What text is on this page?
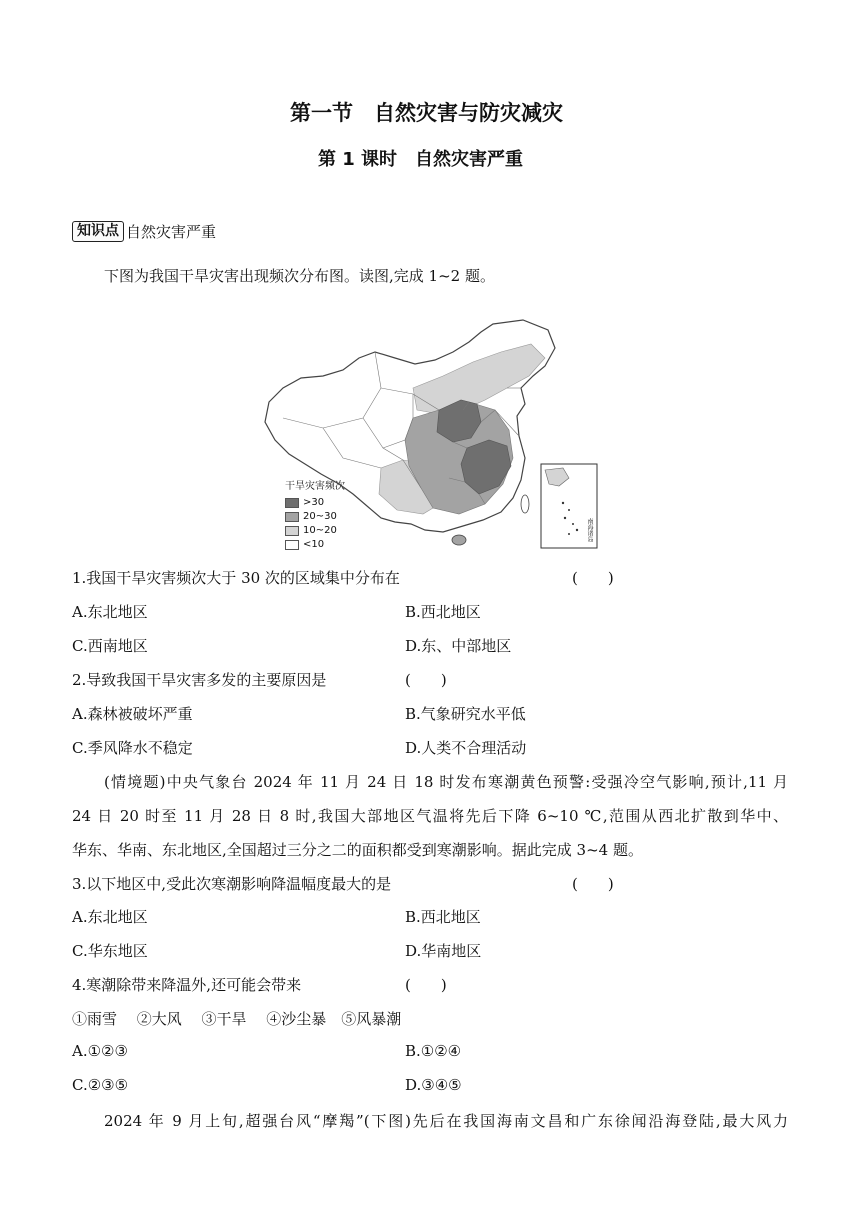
第一节　自然灾害与防灾减灾
第 1 课时　自然灾害严重
知识点 自然灾害严重
下图为我国干旱灾害出现频次分布图。读图,完成 1~2 题。
南海诸岛
干旱灾害频次
>30
20~30
10~20
<10
1.我国干旱灾害频次大于 30 次的区域集中分布在	(　　)
A.东北地区	B.西北地区
C.西南地区	D.东、中部地区
2.导致我国干旱灾害多发的主要原因是	(　　)
A.森林被破坏严重	B.气象研究水平低
C.季风降水不稳定	D.人类不合理活动
(情境题)中央气象台 2024 年 11 月 24 日 18 时发布寒潮黄色预警:受强冷空气影响,预计,11 月
24 日 20 时至 11 月 28 日 8 时,我国大部地区气温将先后下降 6~10 ℃,范围从西北扩散到华中、
华东、华南、东北地区,全国超过三分之二的面积都受到寒潮影响。据此完成 3~4 题。
3.以下地区中,受此次寒潮影响降温幅度最大的是	(　　)
A.东北地区	B.西北地区
C.华东地区	D.华南地区
4.寒潮除带来降温外,还可能会带来	(　　)
①雨雪　 ②大风　 ③干旱　 ④沙尘暴　⑤风暴潮
A.①②③	B.①②④
C.②③⑤	D.③④⑤
2024 年 9 月上旬,超强台风“摩羯”(下图)先后在我国海南文昌和广东徐闻沿海登陆,最大风力
